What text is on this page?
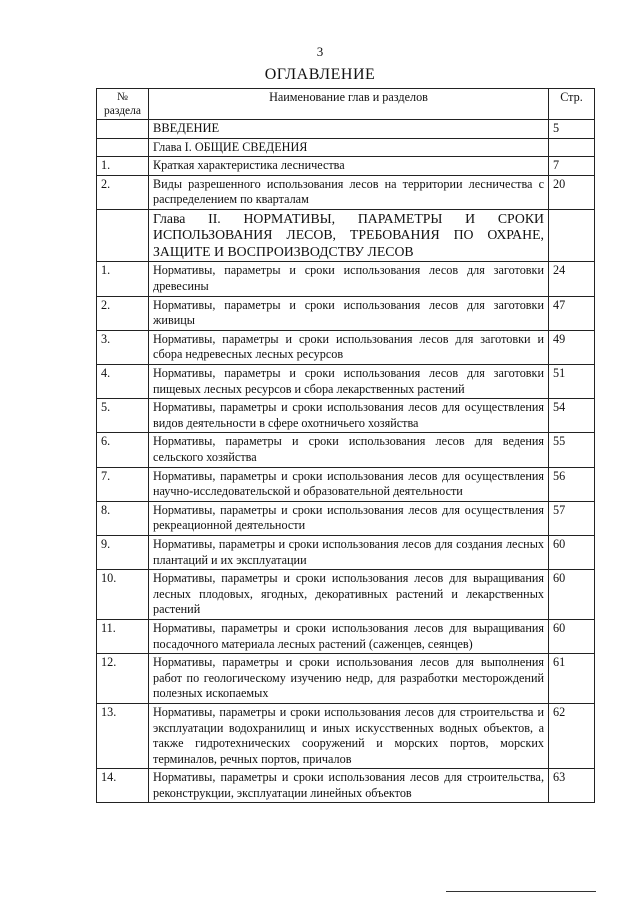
3
ОГЛАВЛЕНИЕ
№ раздела	Наименование глав и разделов	Стр.
	ВВЕДЕНИЕ	5
	Глава I. ОБЩИЕ СВЕДЕНИЯ	
1.	Краткая характеристика лесничества	7
2.	Виды разрешенного использования лесов на территории лесничества с распределением по кварталам	20
	Глава II. НОРМАТИВЫ, ПАРАМЕТРЫ И СРОКИ ИСПОЛЬЗОВАНИЯ ЛЕСОВ, ТРЕБОВАНИЯ ПО ОХРАНЕ, ЗАЩИТЕ И ВОСПРОИЗВОДСТВУ ЛЕСОВ	
1.	Нормативы, параметры и сроки использования лесов для заготовки древесины	24
2.	Нормативы, параметры и сроки использования лесов для заготовки живицы	47
3.	Нормативы, параметры и сроки использования лесов для заготовки и сбора недревесных лесных ресурсов	49
4.	Нормативы, параметры и сроки использования лесов для заготовки пищевых лесных ресурсов и сбора лекарственных растений	51
5.	Нормативы, параметры и сроки использования лесов для осуществления видов деятельности в сфере охотничьего хозяйства	54
6.	Нормативы, параметры и сроки использования лесов для ведения сельского хозяйства	55
7.	Нормативы, параметры и сроки использования лесов для осуществления научно-исследовательской и образовательной деятельности	56
8.	Нормативы, параметры и сроки использования лесов для осуществления рекреационной деятельности	57
9.	Нормативы, параметры и сроки использования лесов для создания лесных плантаций и их эксплуатации	60
10.	Нормативы, параметры и сроки использования лесов для выращивания лесных плодовых, ягодных, декоративных растений и лекарственных растений	60
11.	Нормативы, параметры и сроки использования лесов для выращивания посадочного материала лесных растений (саженцев, сеянцев)	60
12.	Нормативы, параметры и сроки использования лесов для выполнения работ по геологическому изучению недр, для разработки месторождений полезных ископаемых	61
13.	Нормативы, параметры и сроки использования лесов для строительства и эксплуатации водохранилищ и иных искусственных водных объектов, а также гидротехнических сооружений и морских портов, морских терминалов, речных портов, причалов	62
14.	Нормативы, параметры и сроки использования лесов для строительства, реконструкции, эксплуатации линейных объектов	63
